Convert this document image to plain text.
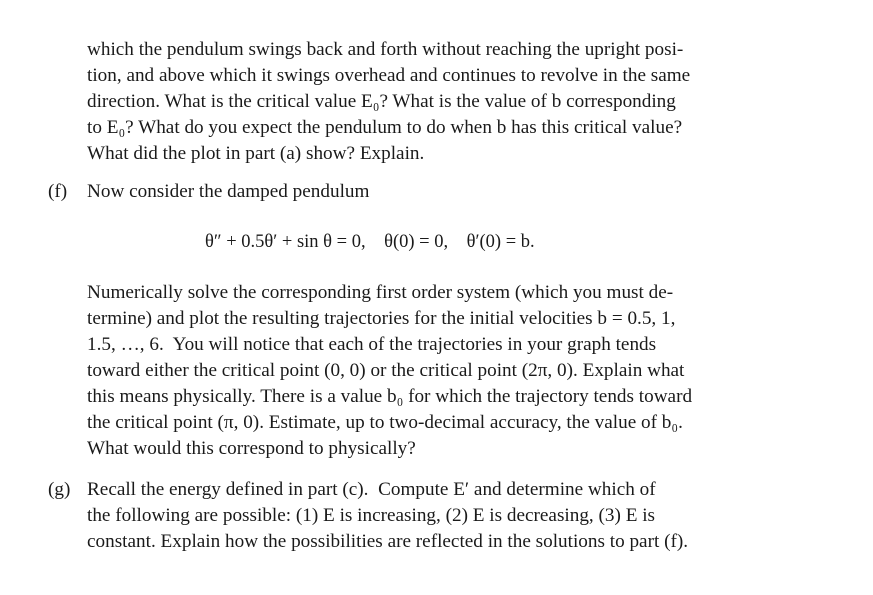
which the pendulum swings back and forth without reaching the upright posi-
tion, and above which it swings overhead and continues to revolve in the same
direction. What is the critical value E₀? What is the value of b corresponding
to E₀? What do you expect the pendulum to do when b has this critical value?
What did the plot in part (a) show? Explain.
(f) Now consider the damped pendulum
θ″ + 0.5θ′ + sin θ = 0,    θ(0) = 0,    θ′(0) = b.
Numerically solve the corresponding first order system (which you must de-
termine) and plot the resulting trajectories for the initial velocities b = 0.5, 1,
1.5, …, 6.  You will notice that each of the trajectories in your graph tends
toward either the critical point (0, 0) or the critical point (2π, 0). Explain what
this means physically. There is a value b₀ for which the trajectory tends toward
the critical point (π, 0). Estimate, up to two-decimal accuracy, the value of b₀.
What would this correspond to physically?
(g) Recall the energy defined in part (c).  Compute E′ and determine which of
the following are possible: (1) E is increasing, (2) E is decreasing, (3) E is
constant. Explain how the possibilities are reflected in the solutions to part (f).
